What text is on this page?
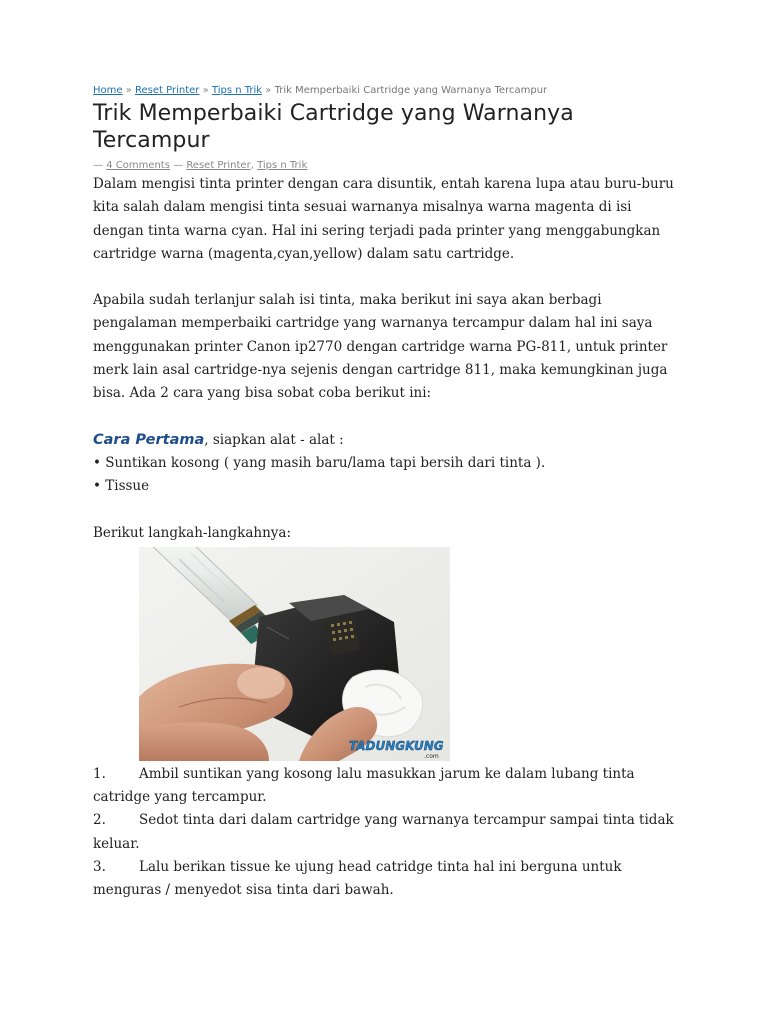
Home » Reset Printer » Tips n Trik » Trik Memperbaiki Cartridge yang Warnanya Tercampur
Trik Memperbaiki Cartridge yang Warnanya Tercampur
— 4 Comments — Reset Printer, Tips n Trik

Dalam mengisi tinta printer dengan cara disuntik, entah karena lupa atau buru-buru kita salah dalam mengisi tinta sesuai warnanya misalnya warna magenta di isi dengan tinta warna cyan. Hal ini sering terjadi pada printer yang menggabungkan cartridge warna (magenta,cyan,yellow) dalam satu cartridge.

Apabila sudah terlanjur salah isi tinta, maka berikut ini saya akan berbagi pengalaman memperbaiki cartridge yang warnanya tercampur dalam hal ini saya menggunakan printer Canon ip2770 dengan cartridge warna PG-811, untuk printer merk lain asal cartridge-nya sejenis dengan cartridge 811, maka kemungkinan juga bisa. Ada 2 cara yang bisa sobat coba berikut ini:

Cara Pertama, siapkan alat - alat :

• Suntikan kosong ( yang masih baru/lama tapi bersih dari tinta ).

• Tissue

Berikut langkah-langkahnya:

TADUNGKUNG
.com

1. Ambil suntikan yang kosong lalu masukkan jarum ke dalam lubang tinta catridge yang tercampur.

2. Sedot tinta dari dalam cartridge yang warnanya tercampur sampai tinta tidak keluar.

3. Lalu berikan tissue ke ujung head catridge tinta hal ini berguna untuk menguras / menyedot sisa tinta dari bawah.
